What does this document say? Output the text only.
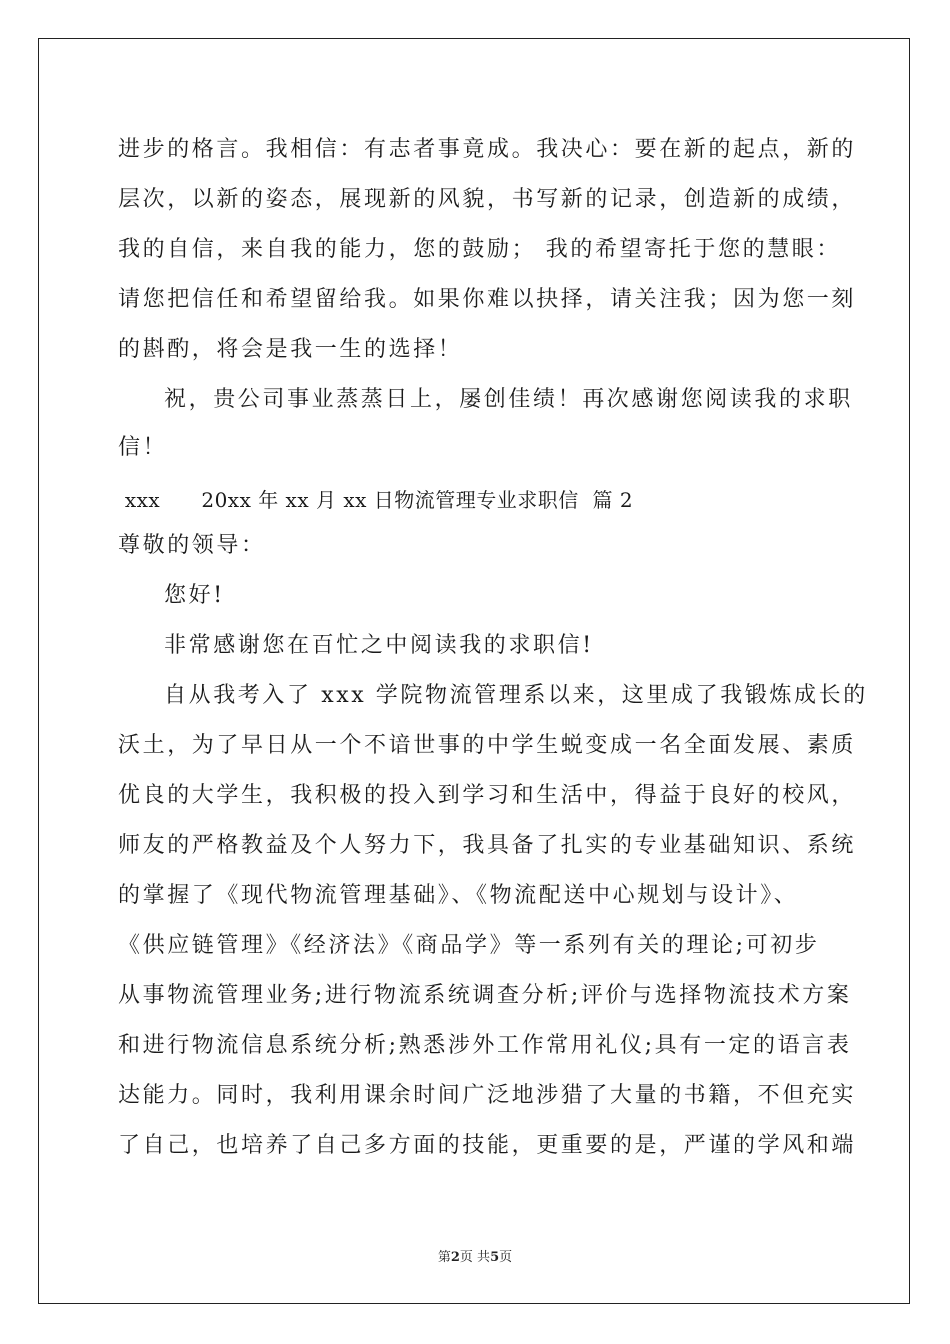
进步的格言。我相信：有志者事竟成。我决心：要在新的起点，新的
层次，以新的姿态，展现新的风貌，书写新的记录，创造新的成绩，
我的自信，来自我的能力，您的鼓励； 我的希望寄托于您的慧眼：
请您把信任和希望留给我。如果你难以抉择，请关注我；因为您一刻
的斟酌，将会是我一生的选择！
祝，贵公司事业蒸蒸日上，屡创佳绩！再次感谢您阅读我的求职
信！
xxx      20xx 年 xx 月 xx 日物流管理专业求职信  篇 2
尊敬的领导：
您好!
非常感谢您在百忙之中阅读我的求职信!
自从我考入了 xxx 学院物流管理系以来，这里成了我锻炼成长的
沃土，为了早日从一个不谙世事的中学生蜕变成一名全面发展、素质
优良的大学生，我积极的投入到学习和生活中，得益于良好的校风，
师友的严格教益及个人努力下，我具备了扎实的专业基础知识、系统
的掌握了《现代物流管理基础》、《物流配送中心规划与设计》、
《供应链管理》《经济法》《商品学》等一系列有关的理论;可初步
从事物流管理业务;进行物流系统调查分析;评价与选择物流技术方案
和进行物流信息系统分析;熟悉涉外工作常用礼仪;具有一定的语言表
达能力。同时，我利用课余时间广泛地涉猎了大量的书籍，不但充实
了自己，也培养了自己多方面的技能，更重要的是，严谨的学风和端
第2页 共5页
